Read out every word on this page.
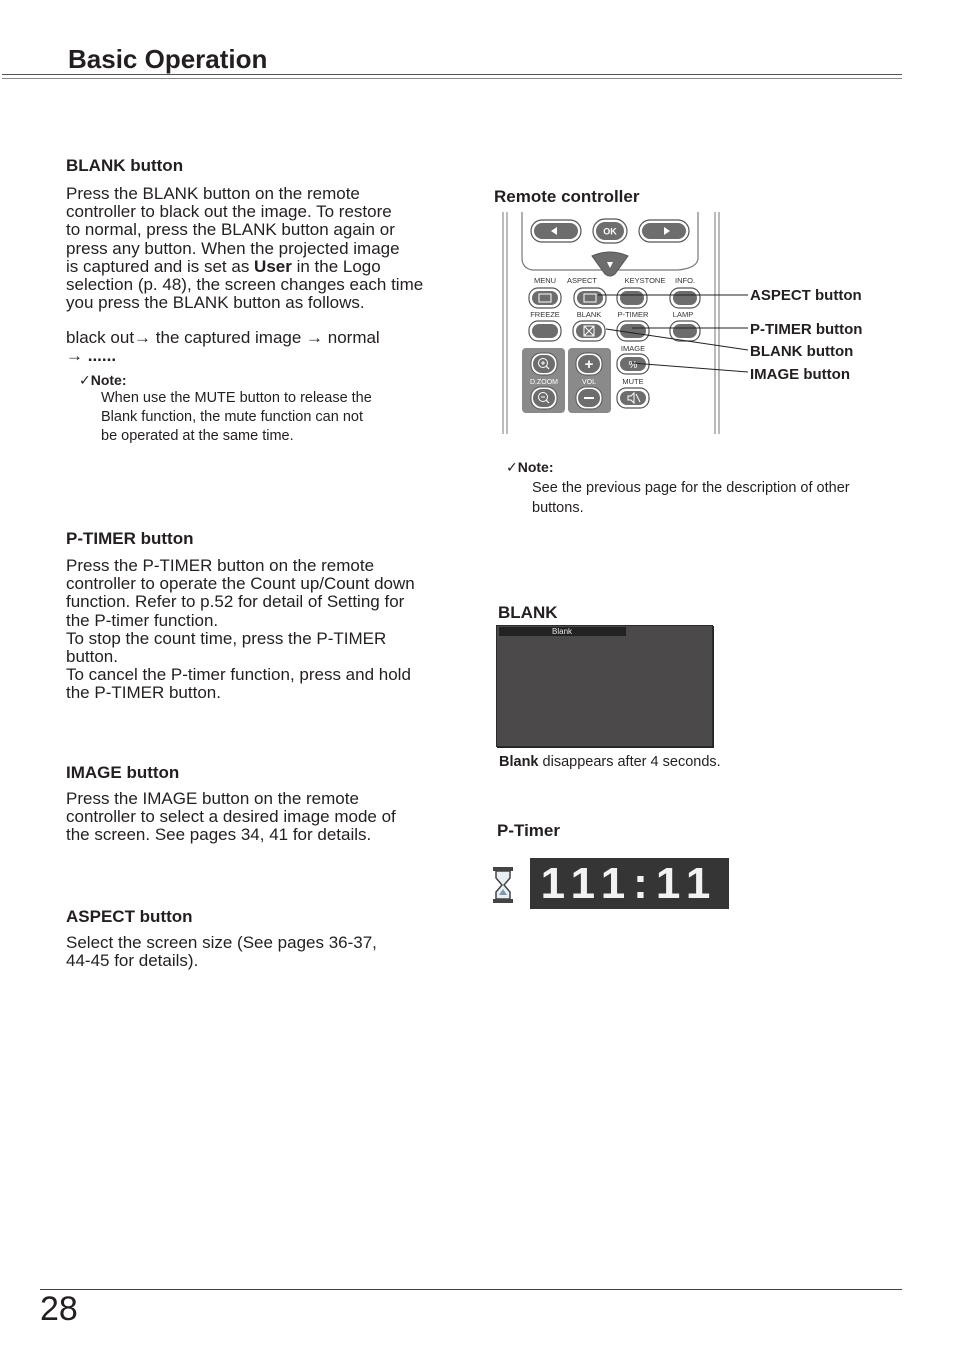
Basic Operation
BLANK button
Press the BLANK button on the remote
controller to black out the image. To restore
to normal, press the BLANK button again or
press any button. When the projected image
is captured and is set as User in the Logo
selection (p. 48), the screen changes each time
you press the BLANK button as follows.
black out→ the captured image → normal
→ ......
✓Note:
When use the MUTE button to release the
Blank function, the mute function can not
be operated at the same time.
P-TIMER button
Press the P-TIMER button on the remote
controller to operate the Count up/Count down
function. Refer to p.52 for detail of Setting for
the P-timer function.
To stop the count time, press the P-TIMER
button.
To cancel the P-timer function, press and hold
the P-TIMER button.
IMAGE button
Press the IMAGE button on the remote
controller to select a desired image mode of
the screen. See pages 34, 41 for details.
ASPECT button
Select the screen size (See pages 36-37,
44-45 for details).
Remote controller
OK
MENU ASPECT	KEYSTONE INFO.
FREEZE BLANK P-TIMER	LAMP
IMAGE
MUTE
D.ZOOM
+
VOL
%
ASPECT button
P-TIMER button
BLANK button
IMAGE button
✓Note:
See the previous page for the description of other
buttons.
BLANK
Blank
Blank disappears after 4 seconds.
P-Timer
111:11
28
